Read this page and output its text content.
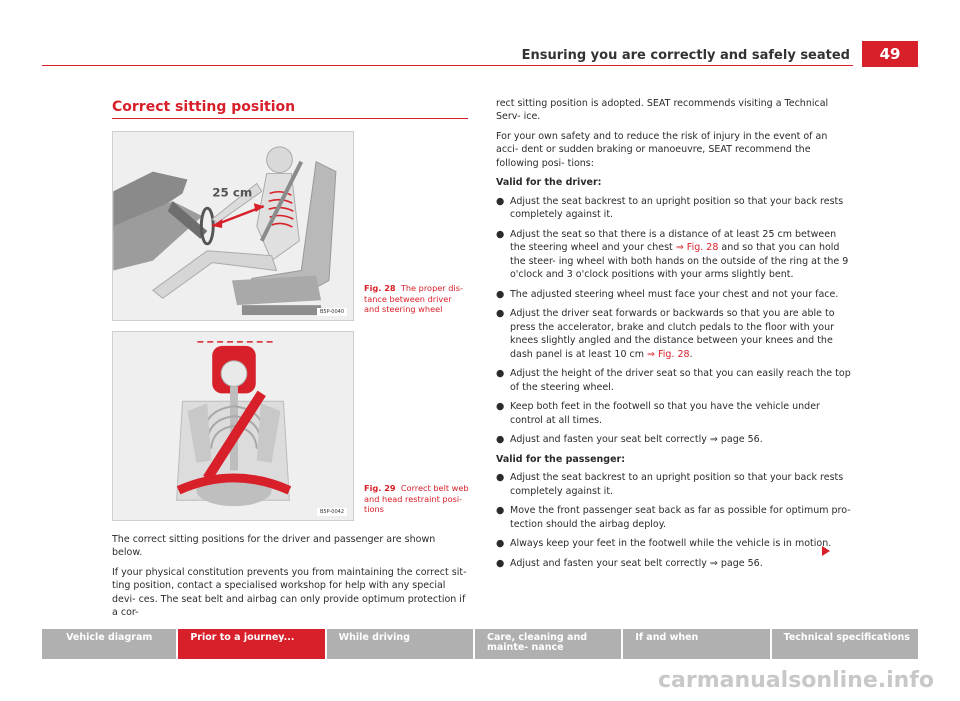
Ensuring you are correctly and safely seated	49
Correct sitting position
25 cm
B5P-0040
Fig. 28 The proper dis- tance between driver and steering wheel
B5P-0042
Fig. 29 Correct belt web and head restraint posi- tions

The correct sitting positions for the driver and passenger are shown below.

If your physical constitution prevents you from maintaining the correct sit- ting position, contact a specialised workshop for help with any special devi- ces. The seat belt and airbag can only provide optimum protection if a cor-

rect sitting position is adopted. SEAT recommends visiting a Technical Serv- ice.

For your own safety and to reduce the risk of injury in the event of an acci- dent or sudden braking or manoeuvre, SEAT recommend the following posi- tions:

Valid for the driver:

● Adjust the seat backrest to an upright position so that your back rests completely against it.

● Adjust the seat so that there is a distance of at least 25 cm between the steering wheel and your chest ⇒ Fig. 28 and so that you can hold the steer- ing wheel with both hands on the outside of the ring at the 9 o'clock and 3 o'clock positions with your arms slightly bent.

● The adjusted steering wheel must face your chest and not your face.

● Adjust the driver seat forwards or backwards so that you are able to press the accelerator, brake and clutch pedals to the floor with your knees slightly angled and the distance between your knees and the dash panel is at least 10 cm ⇒ Fig. 28.

● Adjust the height of the driver seat so that you can easily reach the top of the steering wheel.

● Keep both feet in the footwell so that you have the vehicle under control at all times.

● Adjust and fasten your seat belt correctly ⇒ page 56.

Valid for the passenger:

● Adjust the seat backrest to an upright position so that your back rests completely against it.

● Move the front passenger seat back as far as possible for optimum pro- tection should the airbag deploy.

● Always keep your feet in the footwell while the vehicle is in motion.

● Adjust and fasten your seat belt correctly ⇒ page 56.

Vehicle diagram	Prior to a journey...	While driving	Care, cleaning and mainte- nance
If and when	Technical specifications
carmanualsonline.info
